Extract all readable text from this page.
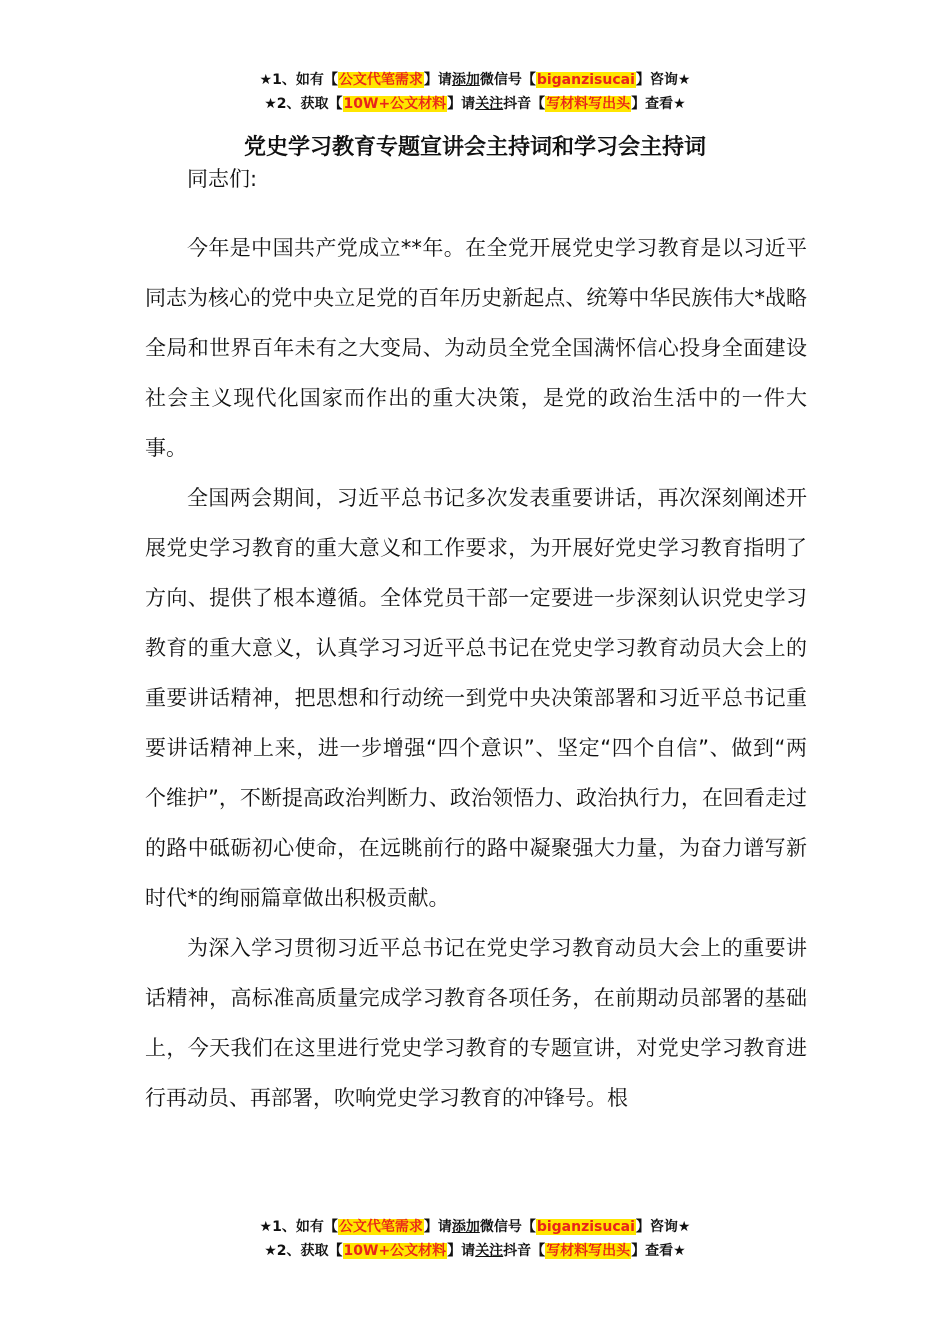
★1、如有【公文代笔需求】请添加微信号【biganzisucai】咨询★
★2、获取【10W+公文材料】请关注抖音【写材料写出头】查看★
党史学习教育专题宣讲会主持词和学习会主持词

同志们:

今年是中国共产党成立**年。在全党开展党史学习教育是以习近平同志为核心的党中央立足党的百年历史新起点、统筹中华民族伟大*战略全局和世界百年未有之大变局、为动员全党全国满怀信心投身全面建设社会主义现代化国家而作出的重大决策，是党的政治生活中的一件大事。

全国两会期间，习近平总书记多次发表重要讲话，再次深刻阐述开展党史学习教育的重大意义和工作要求，为开展好党史学习教育指明了方向、提供了根本遵循。全体党员干部一定要进一步深刻认识党史学习教育的重大意义，认真学习习近平总书记在党史学习教育动员大会上的重要讲话精神，把思想和行动统一到党中央决策部署和习近平总书记重要讲话精神上来，进一步增强“四个意识”、坚定“四个自信”、做到“两个维护”，不断提高政治判断力、政治领悟力、政治执行力，在回看走过的路中砥砺初心使命，在远眺前行的路中凝聚强大力量，为奋力谱写新时代*的绚丽篇章做出积极贡献。

为深入学习贯彻习近平总书记在党史学习教育动员大会上的重要讲话精神，高标准高质量完成学习教育各项任务，在前期动员部署的基础上，今天我们在这里进行党史学习教育的专题宣讲，对党史学习教育进行再动员、再部署，吹响党史学习教育的冲锋号。根

★1、如有【公文代笔需求】请添加微信号【biganzisucai】咨询★
★2、获取【10W+公文材料】请关注抖音【写材料写出头】查看★
